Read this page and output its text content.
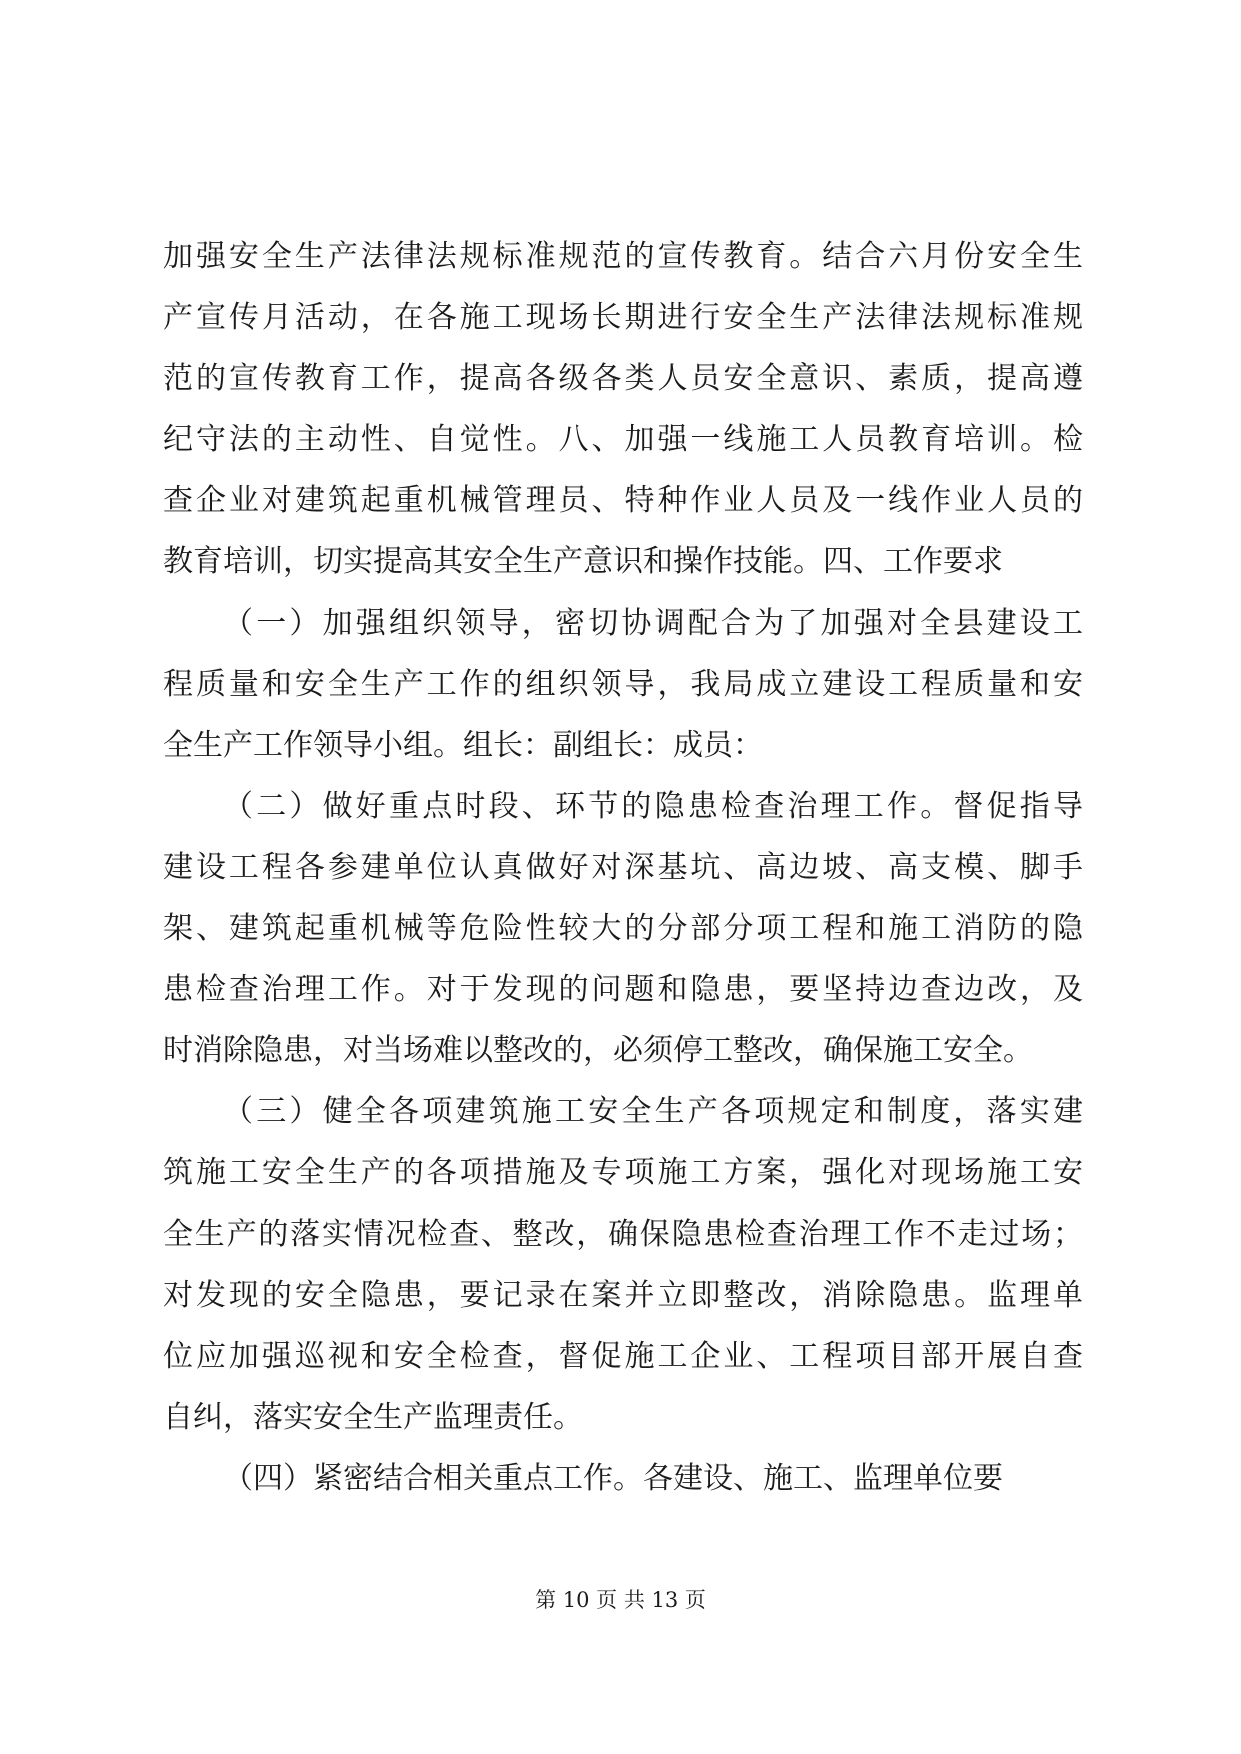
加强安全生产法律法规标准规范的宣传教育。结合六月份安全生
产宣传月活动，在各施工现场长期进行安全生产法律法规标准规
范的宣传教育工作，提高各级各类人员安全意识、素质，提高遵
纪守法的主动性、自觉性。八、加强一线施工人员教育培训。检
查企业对建筑起重机械管理员、特种作业人员及一线作业人员的
教育培训，切实提高其安全生产意识和操作技能。四、工作要求
（一）加强组织领导，密切协调配合为了加强对全县建设工
程质量和安全生产工作的组织领导，我局成立建设工程质量和安
全生产工作领导小组。组长：副组长：成员：
（二）做好重点时段、环节的隐患检查治理工作。督促指导
建设工程各参建单位认真做好对深基坑、高边坡、高支模、脚手
架、建筑起重机械等危险性较大的分部分项工程和施工消防的隐
患检查治理工作。对于发现的问题和隐患，要坚持边查边改，及
时消除隐患，对当场难以整改的，必须停工整改，确保施工安全。
（三）健全各项建筑施工安全生产各项规定和制度，落实建
筑施工安全生产的各项措施及专项施工方案，强化对现场施工安
全生产的落实情况检查、整改，确保隐患检查治理工作不走过场；
对发现的安全隐患，要记录在案并立即整改，消除隐患。监理单
位应加强巡视和安全检查，督促施工企业、工程项目部开展自查
自纠，落实安全生产监理责任。
（四）紧密结合相关重点工作。各建设、施工、监理单位要
第 10 页 共 13 页
